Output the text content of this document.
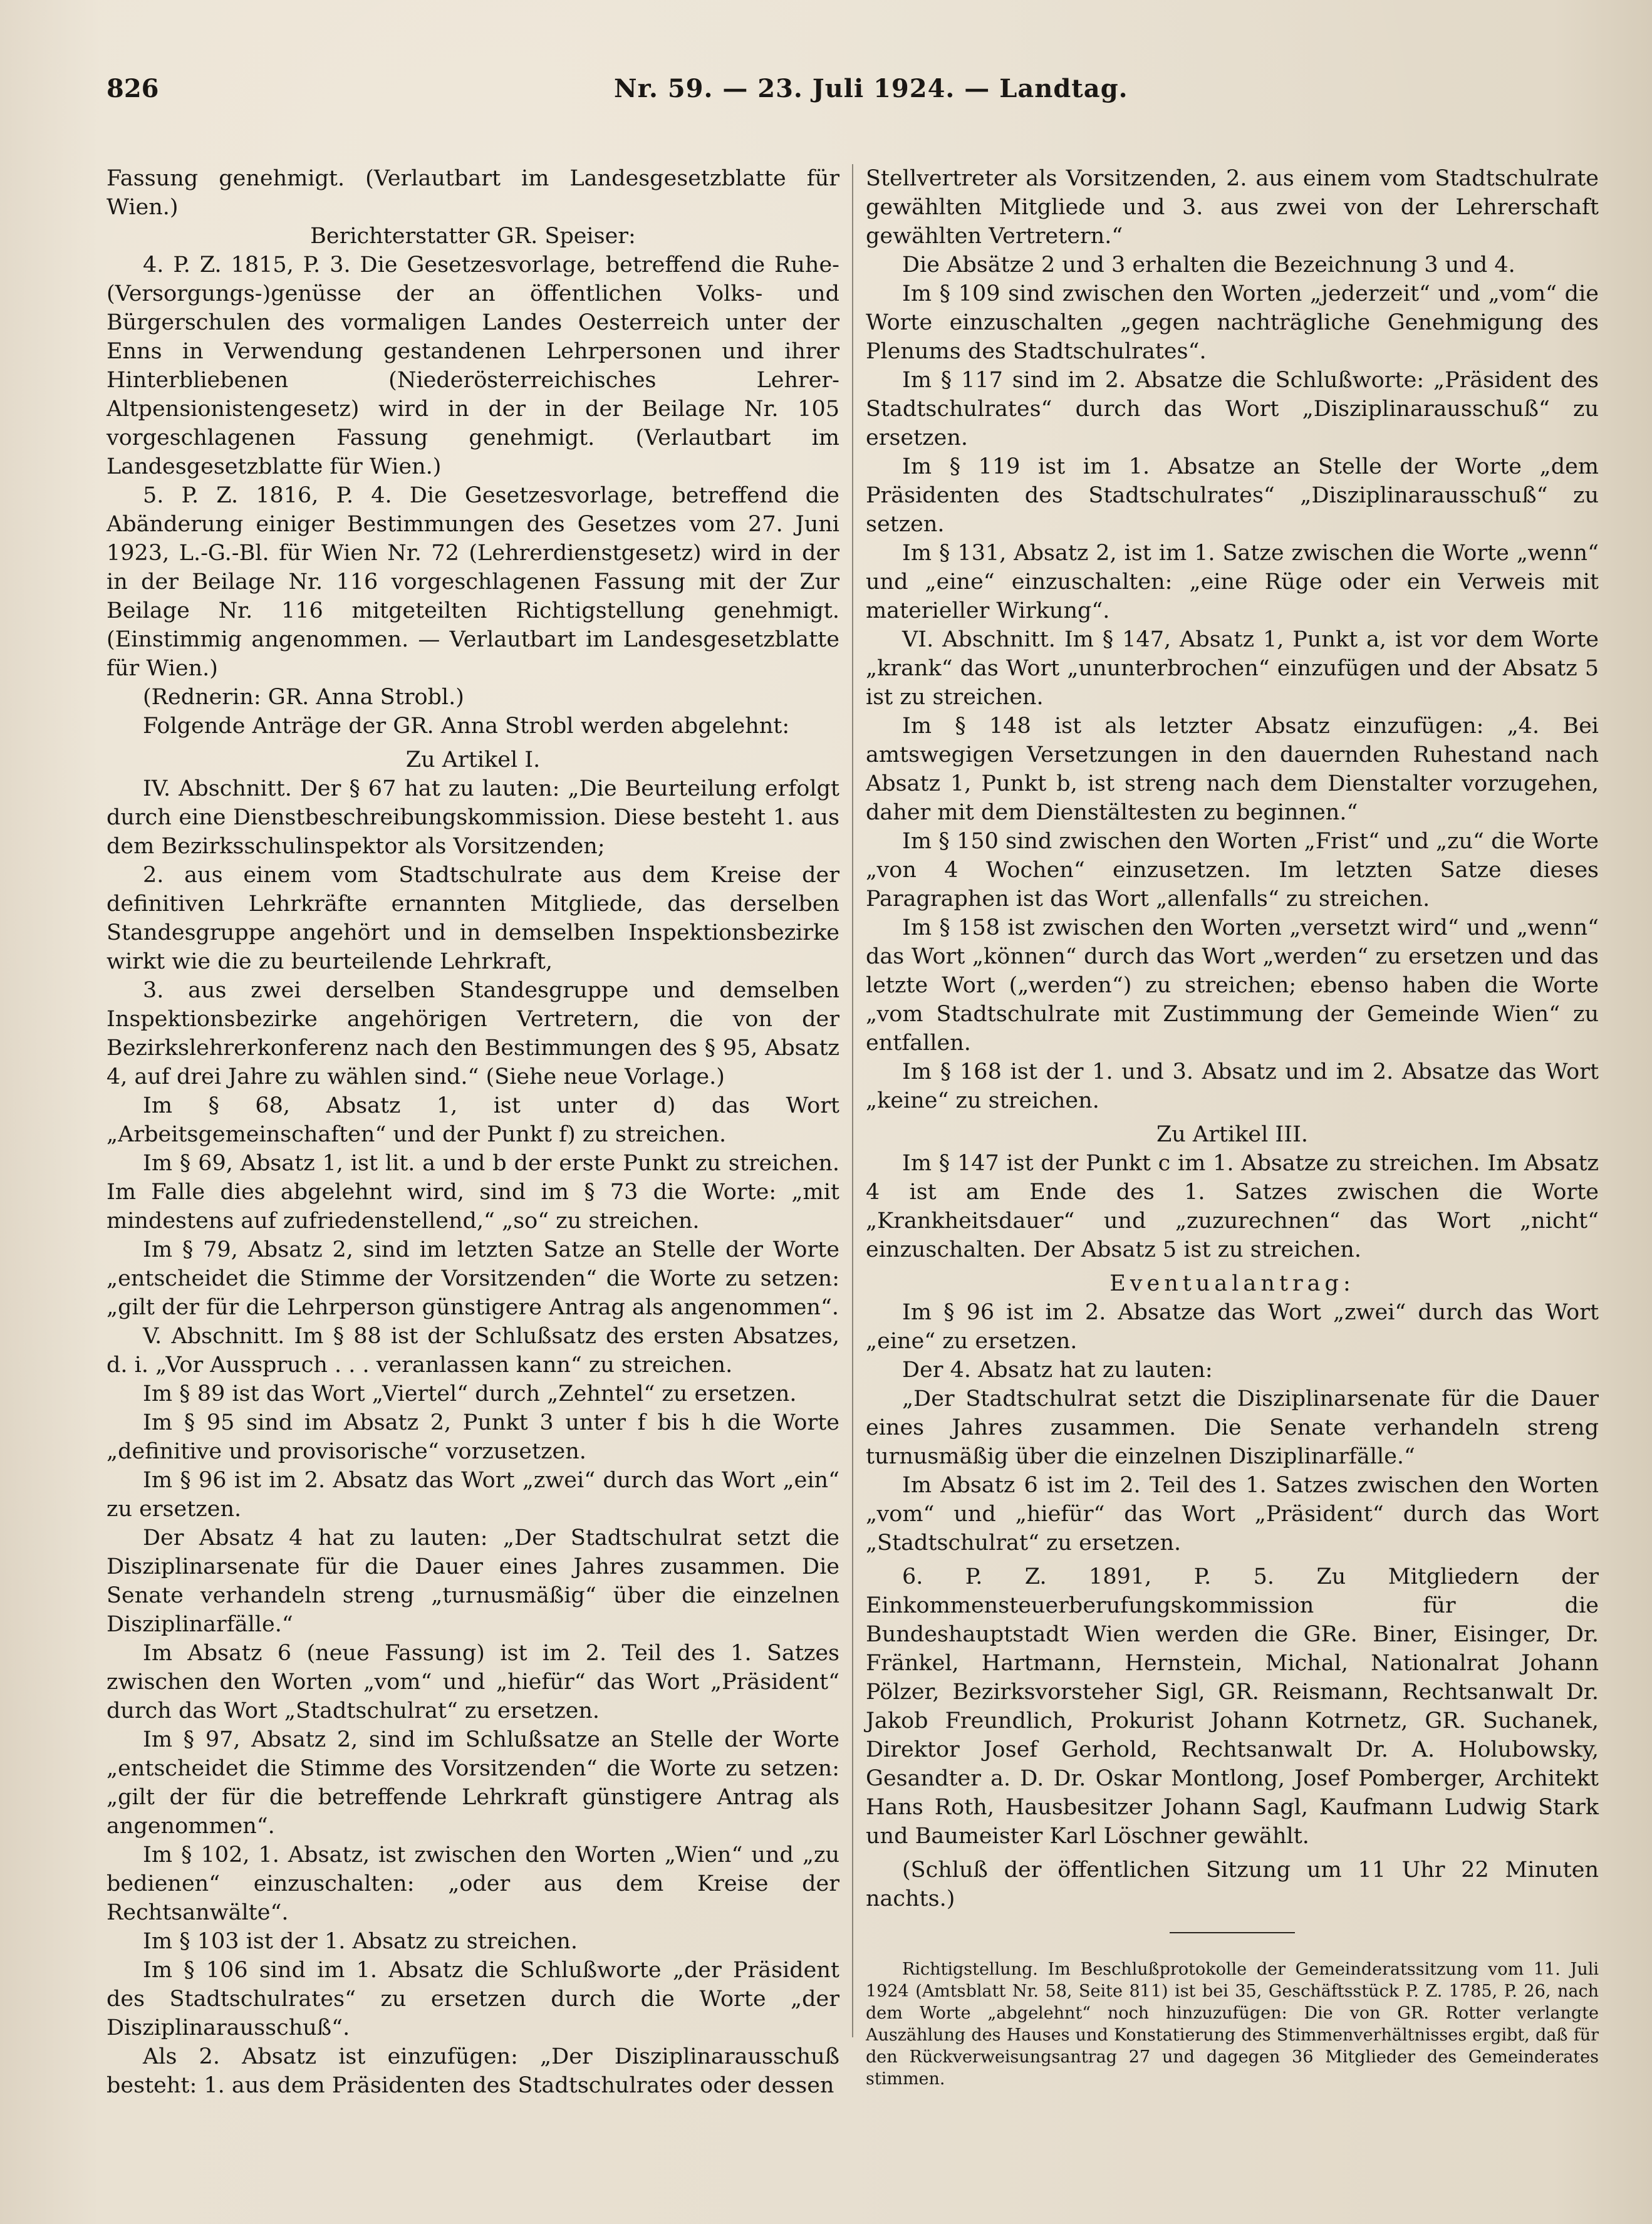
826	Nr. 59. — 23. Juli 1924. — Landtag.

Fassung genehmigt. (Verlautbart im Landesgesetzblatte für Wien.)

Berichterstatter GR. Speiser:

4. P. Z. 1815, P. 3. Die Gesetzesvorlage, betreffend die Ruhe-(Versorgungs-)genüsse der an öffentlichen Volks- und Bürgerschulen des vormaligen Landes Oesterreich unter der Enns in Verwendung gestandenen Lehrpersonen und ihrer Hinterbliebenen (Niederösterreichisches Lehrer-Altpensionistengesetz) wird in der in der Beilage Nr. 105 vorgeschlagenen Fassung genehmigt. (Verlautbart im Landesgesetzblatte für Wien.)

5. P. Z. 1816, P. 4. Die Gesetzesvorlage, betreffend die Abänderung einiger Bestimmungen des Gesetzes vom 27. Juni 1923, L.-G.-Bl. für Wien Nr. 72 (Lehrerdienstgesetz) wird in der in der Beilage Nr. 116 vorgeschlagenen Fassung mit der Zur Beilage Nr. 116 mitgeteilten Richtigstellung genehmigt. (Einstimmig angenommen. — Verlautbart im Landesgesetzblatte für Wien.)

(Rednerin: GR. Anna Strobl.)

Folgende Anträge der GR. Anna Strobl werden abgelehnt:

Zu Artikel I.

IV. Abschnitt. Der § 67 hat zu lauten: „Die Beurteilung erfolgt durch eine Dienstbeschreibungskommission. Diese besteht 1. aus dem Bezirksschulinspektor als Vorsitzenden;

2. aus einem vom Stadtschulrate aus dem Kreise der definitiven Lehrkräfte ernannten Mitgliede, das derselben Standesgruppe angehört und in demselben Inspektionsbezirke wirkt wie die zu beurteilende Lehrkraft,

3. aus zwei derselben Standesgruppe und demselben Inspektionsbezirke angehörigen Vertretern, die von der Bezirkslehrerkonferenz nach den Bestimmungen des § 95, Absatz 4, auf drei Jahre zu wählen sind.“ (Siehe neue Vorlage.)

Im § 68, Absatz 1, ist unter d) das Wort „Arbeitsgemeinschaften“ und der Punkt f) zu streichen.

Im § 69, Absatz 1, ist lit. a und b der erste Punkt zu streichen. Im Falle dies abgelehnt wird, sind im § 73 die Worte: „mit mindestens auf zufriedenstellend,“ „so“ zu streichen.

Im § 79, Absatz 2, sind im letzten Satze an Stelle der Worte „entscheidet die Stimme der Vorsitzenden“ die Worte zu setzen: „gilt der für die Lehrperson günstigere Antrag als angenommen“.

V. Abschnitt. Im § 88 ist der Schlußsatz des ersten Absatzes, d. i. „Vor Ausspruch . . . veranlassen kann“ zu streichen.

Im § 89 ist das Wort „Viertel“ durch „Zehntel“ zu ersetzen.

Im § 95 sind im Absatz 2, Punkt 3 unter f bis h die Worte „definitive und provisorische“ vorzusetzen.

Im § 96 ist im 2. Absatz das Wort „zwei“ durch das Wort „ein“ zu ersetzen.

Der Absatz 4 hat zu lauten: „Der Stadtschulrat setzt die Disziplinarsenate für die Dauer eines Jahres zusammen. Die Senate verhandeln streng „turnusmäßig“ über die einzelnen Disziplinarfälle.“

Im Absatz 6 (neue Fassung) ist im 2. Teil des 1. Satzes zwischen den Worten „vom“ und „hiefür“ das Wort „Präsident“ durch das Wort „Stadtschulrat“ zu ersetzen.

Im § 97, Absatz 2, sind im Schlußsatze an Stelle der Worte „entscheidet die Stimme des Vorsitzenden“ die Worte zu setzen: „gilt der für die betreffende Lehrkraft günstigere Antrag als angenommen“.

Im § 102, 1. Absatz, ist zwischen den Worten „Wien“ und „zu bedienen“ einzuschalten: „oder aus dem Kreise der Rechtsanwälte“.

Im § 103 ist der 1. Absatz zu streichen.

Im § 106 sind im 1. Absatz die Schlußworte „der Präsident des Stadtschulrates“ zu ersetzen durch die Worte „der Disziplinarausschuß“.

Als 2. Absatz ist einzufügen: „Der Disziplinarausschuß besteht: 1. aus dem Präsidenten des Stadtschulrates oder dessen

Stellvertreter als Vorsitzenden, 2. aus einem vom Stadtschulrate gewählten Mitgliede und 3. aus zwei von der Lehrerschaft gewählten Vertretern.“

Die Absätze 2 und 3 erhalten die Bezeichnung 3 und 4.

Im § 109 sind zwischen den Worten „jederzeit“ und „vom“ die Worte einzuschalten „gegen nachträgliche Genehmigung des Plenums des Stadtschulrates“.

Im § 117 sind im 2. Absatze die Schlußworte: „Präsident des Stadtschulrates“ durch das Wort „Disziplinarausschuß“ zu ersetzen.

Im § 119 ist im 1. Absatze an Stelle der Worte „dem Präsidenten des Stadtschulrates“ „Disziplinarausschuß“ zu setzen.

Im § 131, Absatz 2, ist im 1. Satze zwischen die Worte „wenn“ und „eine“ einzuschalten: „eine Rüge oder ein Verweis mit materieller Wirkung“.

VI. Abschnitt. Im § 147, Absatz 1, Punkt a, ist vor dem Worte „krank“ das Wort „ununterbrochen“ einzufügen und der Absatz 5 ist zu streichen.

Im § 148 ist als letzter Absatz einzufügen: „4. Bei amtswegigen Versetzungen in den dauernden Ruhestand nach Absatz 1, Punkt b, ist streng nach dem Dienstalter vorzugehen, daher mit dem Dienstältesten zu beginnen.“

Im § 150 sind zwischen den Worten „Frist“ und „zu“ die Worte „von 4 Wochen“ einzusetzen. Im letzten Satze dieses Paragraphen ist das Wort „allenfalls“ zu streichen.

Im § 158 ist zwischen den Worten „versetzt wird“ und „wenn“ das Wort „können“ durch das Wort „werden“ zu ersetzen und das letzte Wort („werden“) zu streichen; ebenso haben die Worte „vom Stadtschulrate mit Zustimmung der Gemeinde Wien“ zu entfallen.

Im § 168 ist der 1. und 3. Absatz und im 2. Absatze das Wort „keine“ zu streichen.

Zu Artikel III.

Im § 147 ist der Punkt c im 1. Absatze zu streichen. Im Absatz 4 ist am Ende des 1. Satzes zwischen die Worte „Krankheitsdauer“ und „zuzurechnen“ das Wort „nicht“ einzuschalten. Der Absatz 5 ist zu streichen.

Eventualantrag:

Im § 96 ist im 2. Absatze das Wort „zwei“ durch das Wort „eine“ zu ersetzen.

Der 4. Absatz hat zu lauten:

„Der Stadtschulrat setzt die Disziplinarsenate für die Dauer eines Jahres zusammen. Die Senate verhandeln streng turnusmäßig über die einzelnen Disziplinarfälle.“

Im Absatz 6 ist im 2. Teil des 1. Satzes zwischen den Worten „vom“ und „hiefür“ das Wort „Präsident“ durch das Wort „Stadtschulrat“ zu ersetzen.

6. P. Z. 1891, P. 5. Zu Mitgliedern der Einkommensteuerberufungskommission für die Bundeshauptstadt Wien werden die GRe. Biner, Eisinger, Dr. Fränkel, Hartmann, Hernstein, Michal, Nationalrat Johann Pölzer, Bezirksvorsteher Sigl, GR. Reismann, Rechtsanwalt Dr. Jakob Freundlich, Prokurist Johann Kotrnetz, GR. Suchanek, Direktor Josef Gerhold, Rechtsanwalt Dr. A. Holubowsky, Gesandter a. D. Dr. Oskar Montlong, Josef Pomberger, Architekt Hans Roth, Hausbesitzer Johann Sagl, Kaufmann Ludwig Stark und Baumeister Karl Löschner gewählt.

(Schluß der öffentlichen Sitzung um 11 Uhr 22 Minuten nachts.)

Richtigstellung. Im Beschlußprotokolle der Gemeinderatssitzung vom 11. Juli 1924 (Amtsblatt Nr. 58, Seite 811) ist bei 35, Geschäftsstück P. Z. 1785, P. 26, nach dem Worte „abgelehnt“ noch hinzuzufügen: Die von GR. Rotter verlangte Auszählung des Hauses und Konstatierung des Stimmenverhältnisses ergibt, daß für den Rückverweisungsantrag 27 und dagegen 36 Mitglieder des Gemeinderates stimmen.
